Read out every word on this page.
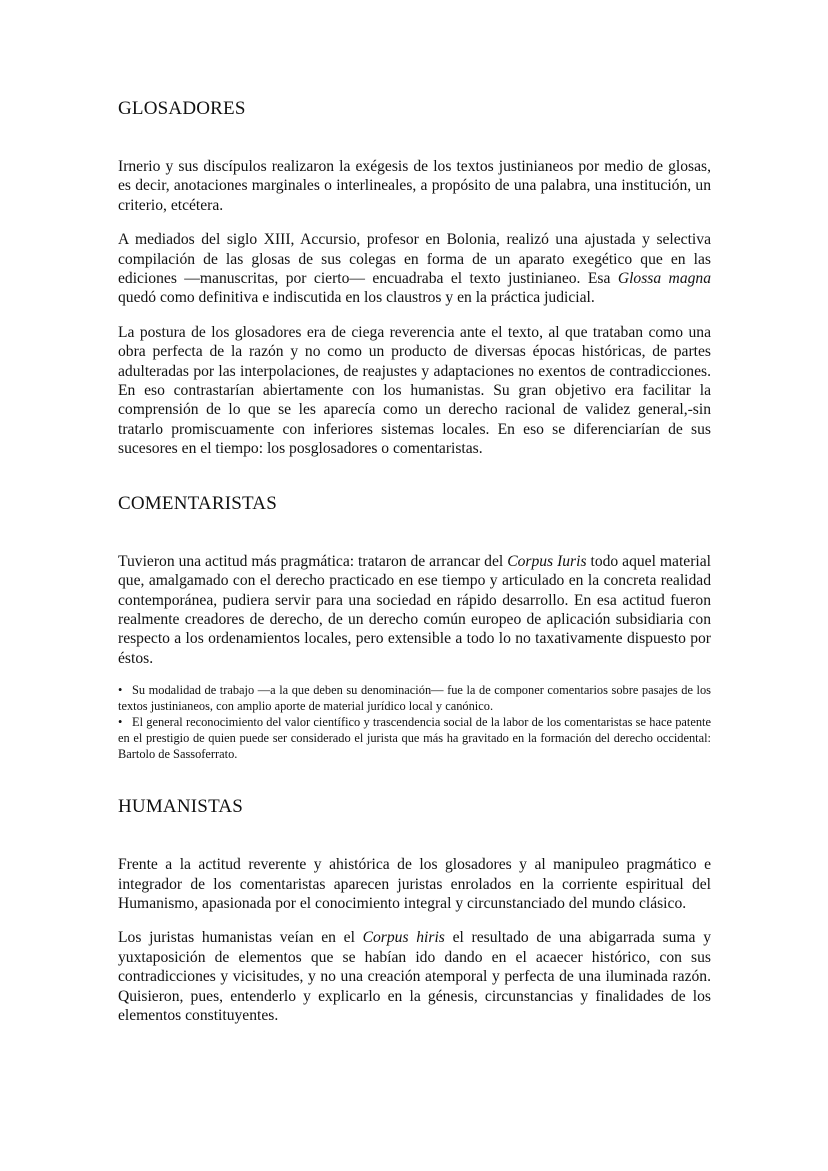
GLOSADORES

Irnerio y sus discípulos realizaron la exégesis de los textos justinianeos por medio de glosas, es decir, anotaciones marginales o interlineales, a propósito de una palabra, una institución, un criterio, etcétera.

A mediados del siglo XIII, Accursio, profesor en Bolonia, realizó una ajustada y selectiva compilación de las glosas de sus colegas en forma de un aparato exegético que en las ediciones —manuscritas, por cierto— encuadraba el texto justinianeo. Esa Glossa magna quedó como definitiva e indiscutida en los claustros y en la práctica judicial.

La postura de los glosadores era de ciega reverencia ante el texto, al que trataban como una obra perfecta de la razón y no como un producto de diversas épocas históricas, de partes adulteradas por las interpolaciones, de reajustes y adaptaciones no exentos de contradicciones. En eso contrastarían abiertamente con los humanistas. Su gran objetivo era facilitar la comprensión de lo que se les aparecía como un derecho racional de validez general,-sin tratarlo promiscuamente con inferiores sistemas locales. En eso se diferenciarían de sus sucesores en el tiempo: los posglosadores o comentaristas.

COMENTARISTAS

Tuvieron una actitud más pragmática: trataron de arrancar del Corpus Iuris todo aquel material que, amalgamado con el derecho practicado en ese tiempo y articulado en la concreta realidad contemporánea, pudiera servir para una sociedad en rápido desarrollo. En esa actitud fueron realmente creadores de derecho, de un derecho común europeo de aplicación subsidiaria con respecto a los ordenamientos locales, pero extensible a todo lo no taxativamente dispuesto por éstos.

• Su modalidad de trabajo —a la que deben su denominación— fue la de componer comentarios sobre pasajes de los textos justinianeos, con amplio aporte de material jurídico local y canónico.
• El general reconocimiento del valor científico y trascendencia social de la labor de los comentaristas se hace patente en el prestigio de quien puede ser considerado el jurista que más ha gravitado en la formación del derecho occidental: Bartolo de Sassoferrato.
HUMANISTAS

Frente a la actitud reverente y ahistórica de los glosadores y al manipuleo pragmático e integrador de los comentaristas aparecen juristas enrolados en la corriente espiritual del Humanismo, apasionada por el conocimiento integral y circunstanciado del mundo clásico.

Los juristas humanistas veían en el Corpus hiris el resultado de una abigarrada suma y yuxtaposición de elementos que se habían ido dando en el acaecer histórico, con sus contradicciones y vicisitudes, y no una creación atemporal y perfecta de una iluminada razón. Quisieron, pues, entenderlo y explicarlo en la génesis, circunstancias y finalidades de los elementos constituyentes.
